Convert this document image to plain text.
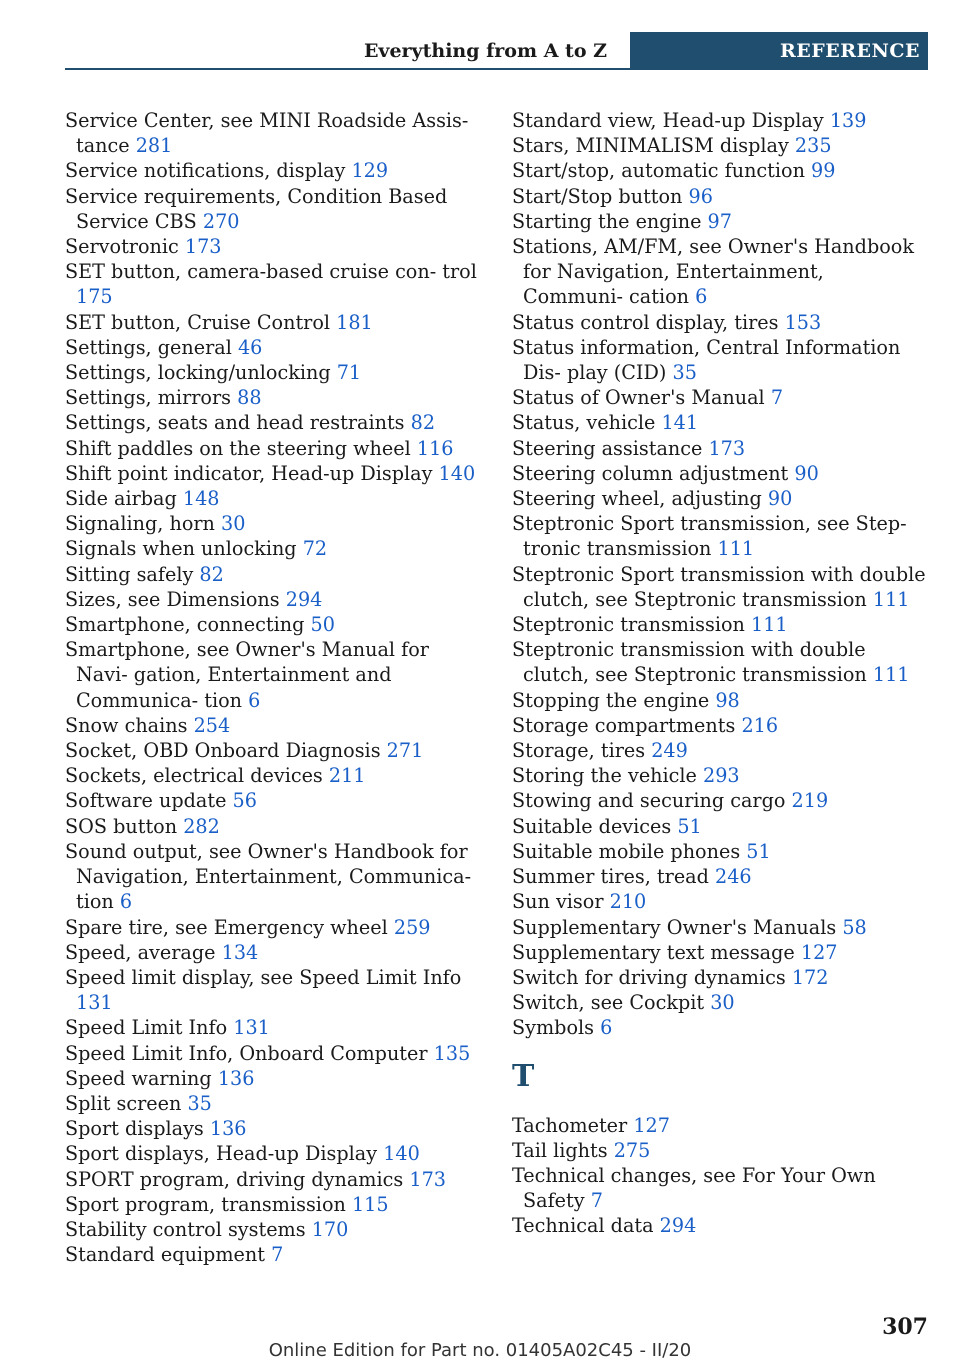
Everything from A to Z	REFERENCE

Service Center, see MINI Roadside Assis‐ tance 281

Service notifications, display 129

Service requirements, Condition Based Service CBS 270

Servotronic 173

SET button, camera-based cruise con‐ trol 175

SET button, Cruise Control 181

Settings, general 46

Settings, locking/unlocking 71

Settings, mirrors 88

Settings, seats and head restraints 82

Shift paddles on the steering wheel 116

Shift point indicator, Head-up Display 140

Side airbag 148

Signaling, horn 30

Signals when unlocking 72

Sitting safely 82

Sizes, see Dimensions 294

Smartphone, connecting 50

Smartphone, see Owner's Manual for Navi‐ gation, Entertainment and Communica‐ tion 6

Snow chains 254

Socket, OBD Onboard Diagnosis 271

Sockets, electrical devices 211

Software update 56

SOS button 282

Sound output, see Owner's Handbook for Navigation, Entertainment, Communica‐ tion 6

Spare tire, see Emergency wheel 259

Speed, average 134

Speed limit display, see Speed Limit Info 131

Speed Limit Info 131

Speed Limit Info, Onboard Computer 135

Speed warning 136

Split screen 35

Sport displays 136

Sport displays, Head-up Display 140

SPORT program, driving dynamics 173

Sport program, transmission 115

Stability control systems 170

Standard equipment 7

Standard view, Head-up Display 139

Stars, MINIMALISM display 235

Start/stop, automatic function 99

Start/Stop button 96

Starting the engine 97

Stations, AM/FM, see Owner's Handbook for Navigation, Entertainment, Communi‐ cation 6

Status control display, tires 153

Status information, Central Information Dis‐ play (CID) 35

Status of Owner's Manual 7

Status, vehicle 141

Steering assistance 173

Steering column adjustment 90

Steering wheel, adjusting 90

Steptronic Sport transmission, see Step‐ tronic transmission 111

Steptronic Sport transmission with double clutch, see Steptronic transmission 111

Steptronic transmission 111

Steptronic transmission with double clutch, see Steptronic transmission 111

Stopping the engine 98

Storage compartments 216

Storage, tires 249

Storing the vehicle 293

Stowing and securing cargo 219

Suitable devices 51

Suitable mobile phones 51

Summer tires, tread 246

Sun visor 210

Supplementary Owner's Manuals 58

Supplementary text message 127

Switch for driving dynamics 172

Switch, see Cockpit 30

Symbols 6

T

Tachometer 127

Tail lights 275

Technical changes, see For Your Own Safety 7

Technical data 294

307
Online Edition for Part no. 01405A02C45 - II/20
